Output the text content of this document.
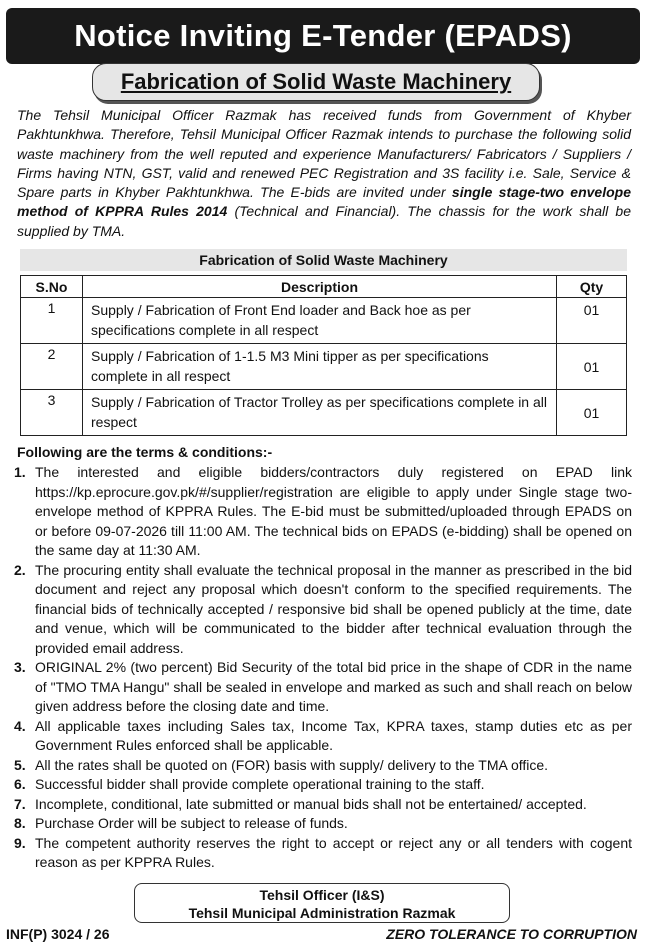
Notice Inviting E-Tender (EPADS)
Fabrication of Solid Waste Machinery

The Tehsil Municipal Officer Razmak has received funds from Government of Khyber Pakhtunkhwa. Therefore, Tehsil Municipal Officer Razmak intends to purchase the following solid waste machinery from the well reputed and experience Manufacturers/ Fabricators / Suppliers / Firms having NTN, GST, valid and renewed PEC Registration and 3S facility i.e. Sale, Service & Spare parts in Khyber Pakhtunkhwa. The E-bids are invited under single stage-two envelope method of KPPRA Rules 2014 (Technical and Financial). The chassis for the work shall be supplied by TMA.

Fabrication of Solid Waste Machinery
S.No	Description	Qty
1	Supply / Fabrication of Front End loader and Back hoe as per specifications complete in all respect	01
2	Supply / Fabrication of 1-1.5 M3 Mini tipper as per specifications complete in all respect	01
3	Supply / Fabrication of Tractor Trolley as per specifications complete in all respect	01
Following are the terms & conditions:-
1. The interested and eligible bidders/contractors duly registered on EPAD link https://kp.eprocure.gov.pk/#/supplier/registration are eligible to apply under Single stage two- envelope method of KPPRA Rules. The E-bid must be submitted/uploaded through EPADS on or before 09-07-2026 till 11:00 AM. The technical bids on EPADS (e-bidding) shall be opened on the same day at 11:30 AM.
2. The procuring entity shall evaluate the technical proposal in the manner as prescribed in the bid document and reject any proposal which doesn't conform to the specified requirements. The financial bids of technically accepted / responsive bid shall be opened publicly at the time, date and venue, which will be communicated to the bidder after technical evaluation through the provided email address.
3. ORIGINAL 2% (two percent) Bid Security of the total bid price in the shape of CDR in the name of "TMO TMA Hangu" shall be sealed in envelope and marked as such and shall reach on below given address before the closing date and time.
4. All applicable taxes including Sales tax, Income Tax, KPRA taxes, stamp duties etc as per Government Rules enforced shall be applicable.
5. All the rates shall be quoted on (FOR) basis with supply/ delivery to the TMA office.
6. Successful bidder shall provide complete operational training to the staff.
7. Incomplete, conditional, late submitted or manual bids shall not be entertained/ accepted.
8. Purchase Order will be subject to release of funds.
9. The competent authority reserves the right to accept or reject any or all tenders with cogent reason as per KPPRA Rules.
Tehsil Officer (I&S)
Tehsil Municipal Administration Razmak
INF(P) 3024 / 26	ZERO TOLERANCE TO CORRUPTION
